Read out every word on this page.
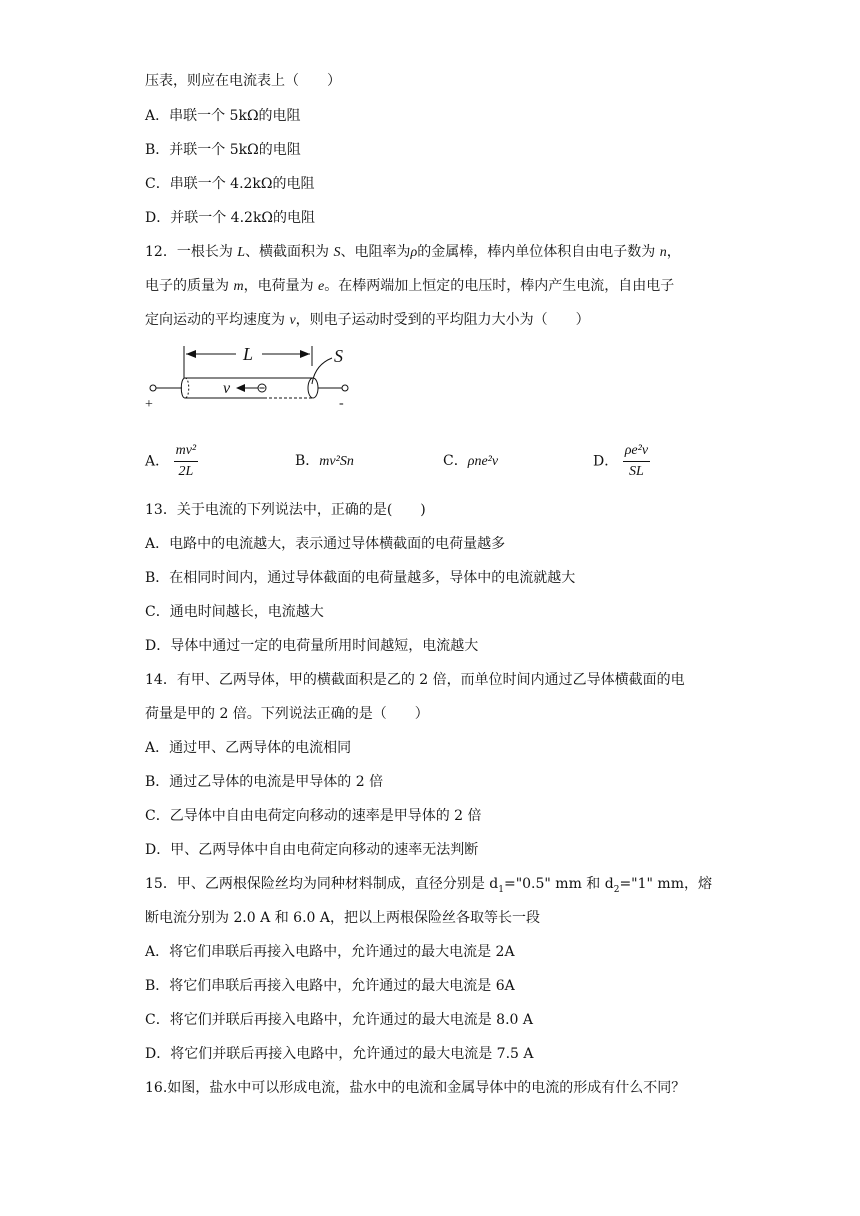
压表，则应在电流表上（　　）
A．串联一个 5kΩ的电阻
B．并联一个 5kΩ的电阻
C．串联一个 4.2kΩ的电阻
D．并联一个 4.2kΩ的电阻
12．一根长为 L、横截面积为 S、电阻率为ρ的金属棒，棒内单位体积自由电子数为 n，
电子的质量为 m，电荷量为 e。在棒两端加上恒定的电压时，棒内产生电流，自由电子
定向运动的平均速度为 v，则电子运动时受到的平均阻力大小为（　　）
L	S
v
+	-
A． $\frac{\text{mv²}}{2L}$	B．mv²Sn	C．ρne²v	D． $\frac{\text{ρe²v}}{SL}$
13．关于电流的下列说法中，正确的是(　　)
A．电路中的电流越大，表示通过导体横截面的电荷量越多
B．在相同时间内，通过导体截面的电荷量越多，导体中的电流就越大
C．通电时间越长，电流越大
D．导体中通过一定的电荷量所用时间越短，电流越大
14．有甲、乙两导体，甲的横截面积是乙的 2 倍，而单位时间内通过乙导体横截面的电
荷量是甲的 2 倍。下列说法正确的是（　　）
A．通过甲、乙两导体的电流相同
B．通过乙导体的电流是甲导体的 2 倍
C．乙导体中自由电荷定向移动的速率是甲导体的 2 倍
D．甲、乙两导体中自由电荷定向移动的速率无法判断
15．甲、乙两根保险丝均为同种材料制成，直径分别是 $d_1="0.5$" mm 和 $d_2="1$" mm，熔
断电流分别为 2.0 A 和 6.0 A，把以上两根保险丝各取等长一段
A．将它们串联后再接入电路中，允许通过的最大电流是 2A
B．将它们串联后再接入电路中，允许通过的最大电流是 6A
C．将它们并联后再接入电路中，允许通过的最大电流是 8.0 A
D．将它们并联后再接入电路中，允许通过的最大电流是 7.5 A
16.如图，盐水中可以形成电流，盐水中的电流和金属导体中的电流的形成有什么不同？
